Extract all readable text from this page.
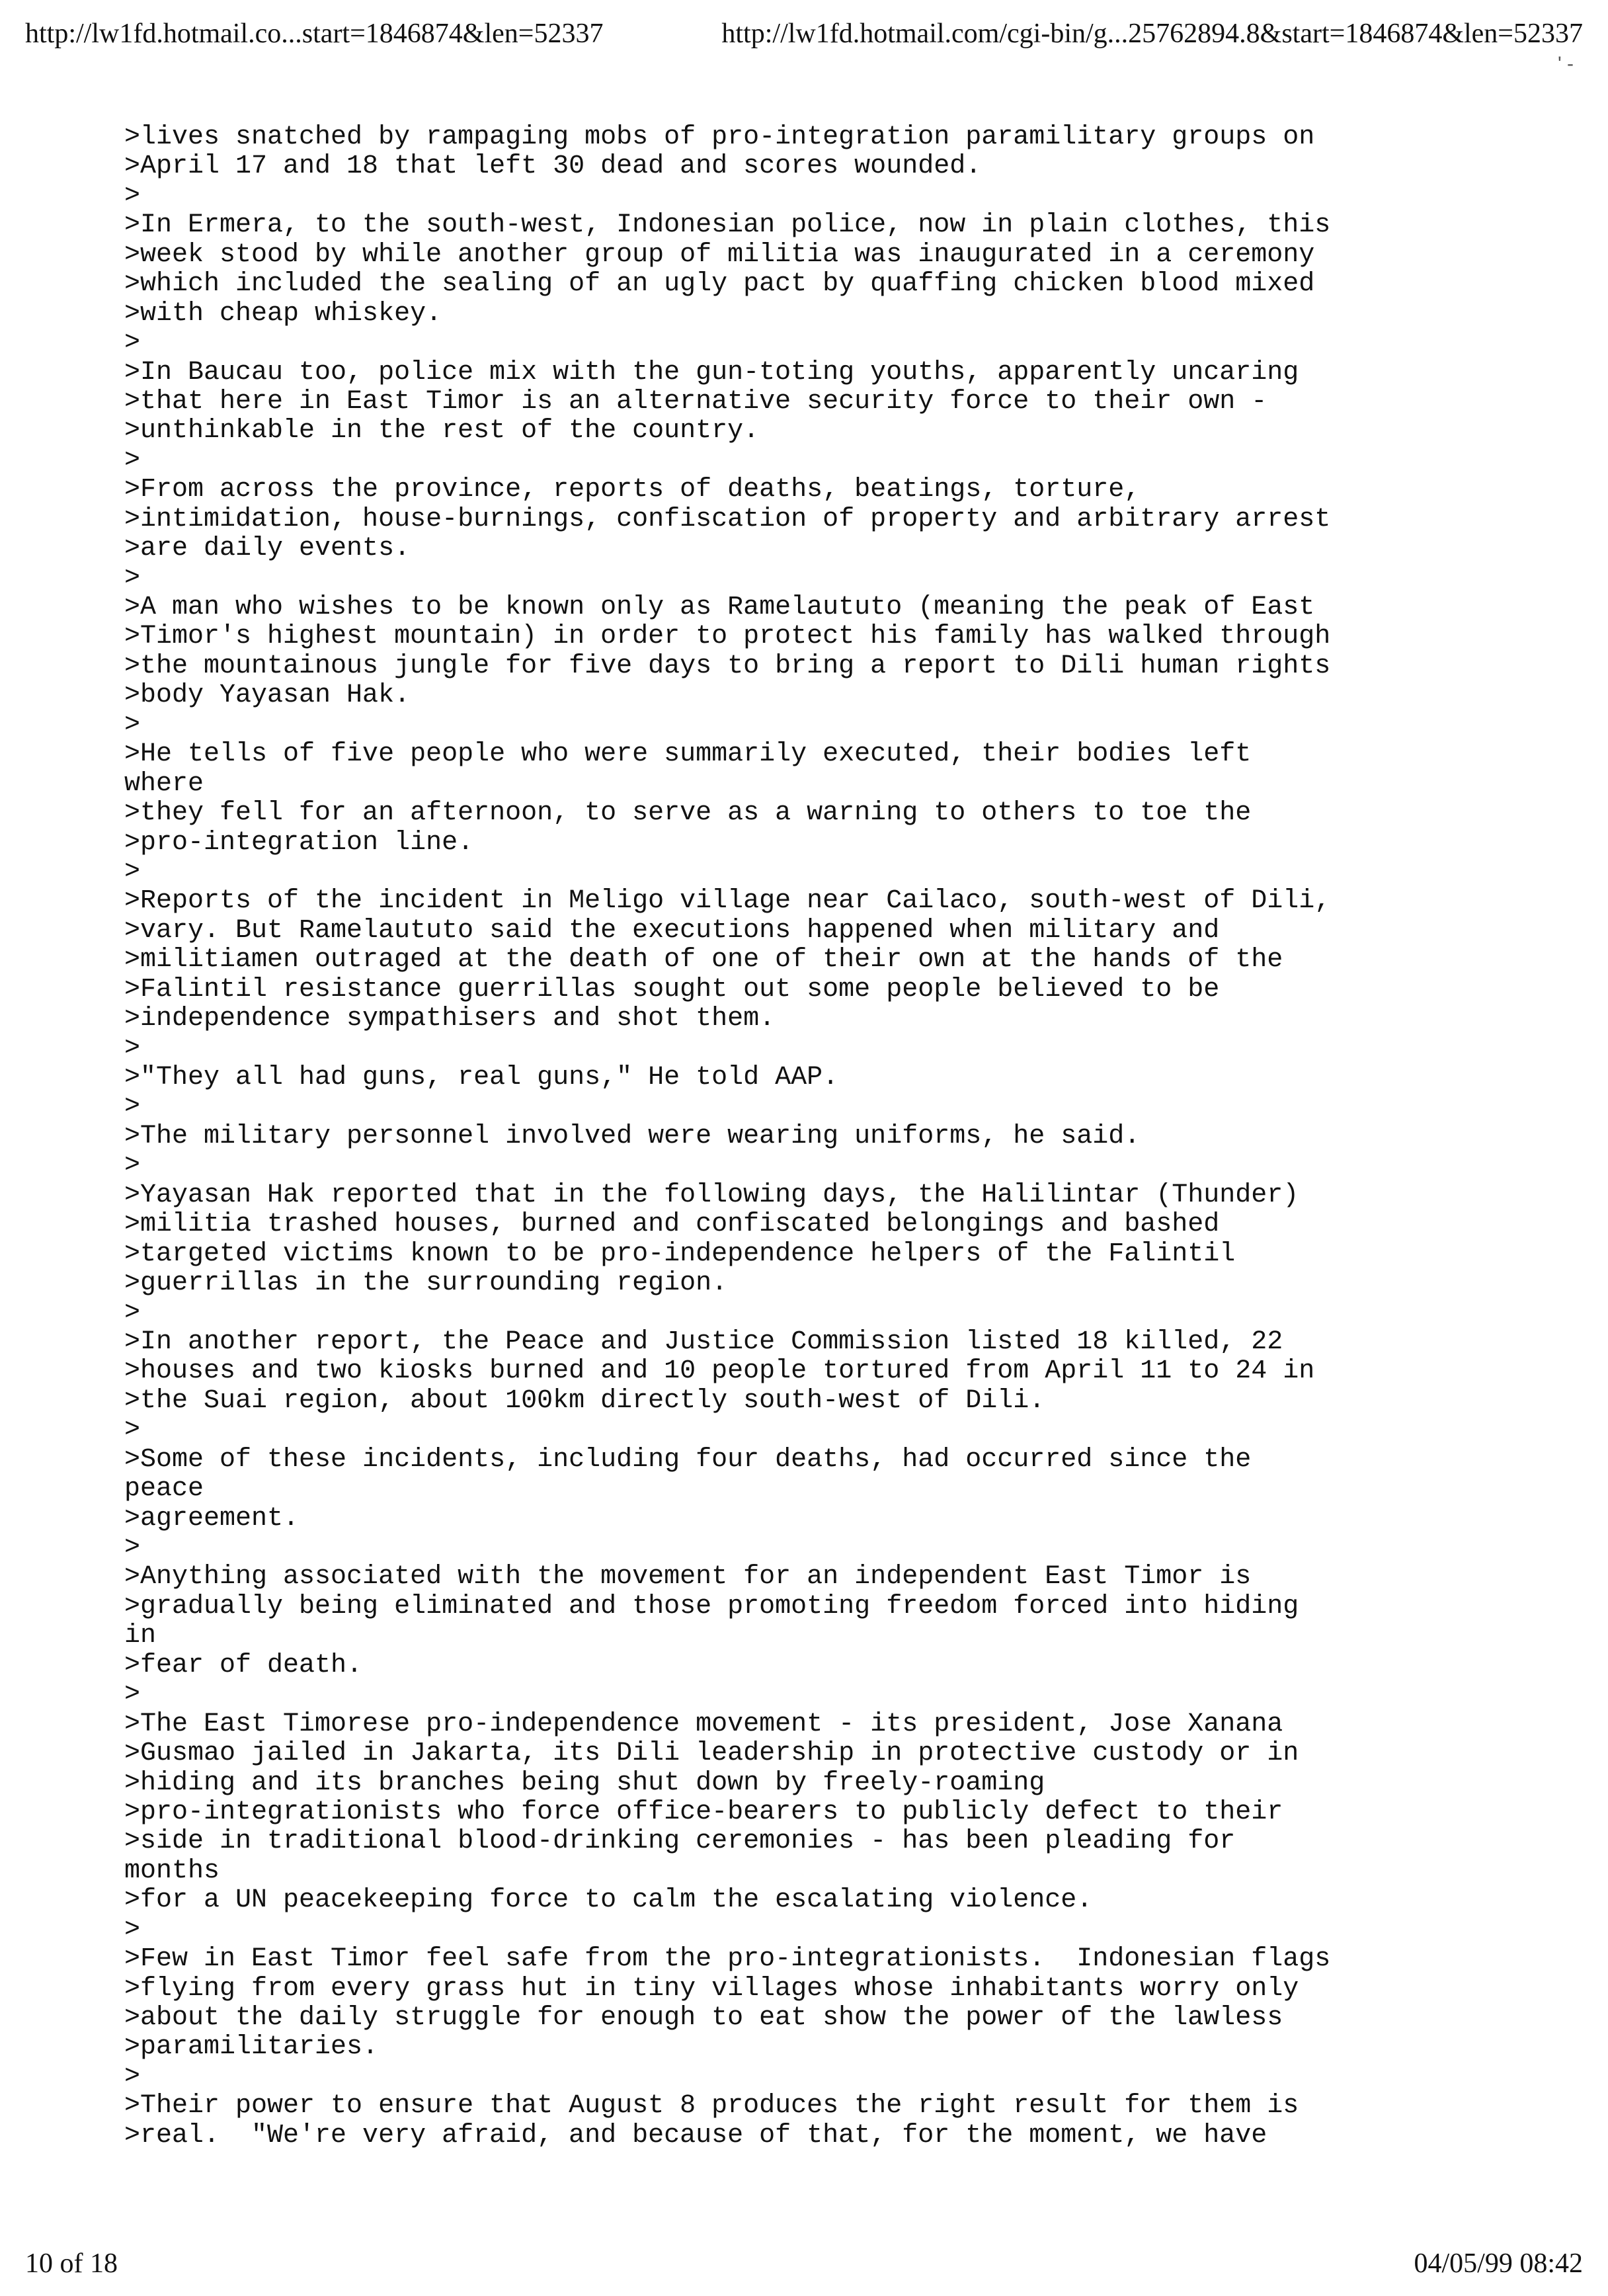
http://lw1fd.hotmail.co...start=1846874&len=52337	http://lw1fd.hotmail.com/cgi-bin/g...25762894.8&start=1846874&len=52337
' -
>lives snatched by rampaging mobs of pro-integration paramilitary groups on
>April 17 and 18 that left 30 dead and scores wounded.
>
>In Ermera, to the south-west, Indonesian police, now in plain clothes, this
>week stood by while another group of militia was inaugurated in a ceremony
>which included the sealing of an ugly pact by quaffing chicken blood mixed
>with cheap whiskey.
>
>In Baucau too, police mix with the gun-toting youths, apparently uncaring
>that here in East Timor is an alternative security force to their own -
>unthinkable in the rest of the country.
>
>From across the province, reports of deaths, beatings, torture,
>intimidation, house-burnings, confiscation of property and arbitrary arrest
>are daily events.
>
>A man who wishes to be known only as Ramelaututo (meaning the peak of East
>Timor's highest mountain) in order to protect his family has walked through
>the mountainous jungle for five days to bring a report to Dili human rights
>body Yayasan Hak.
>
>He tells of five people who were summarily executed, their bodies left
where
>they fell for an afternoon, to serve as a warning to others to toe the
>pro-integration line.
>
>Reports of the incident in Meligo village near Cailaco, south-west of Dili,
>vary. But Ramelaututo said the executions happened when military and
>militiamen outraged at the death of one of their own at the hands of the
>Falintil resistance guerrillas sought out some people believed to be
>independence sympathisers and shot them.
>
>"They all had guns, real guns," He told AAP.
>
>The military personnel involved were wearing uniforms, he said.
>
>Yayasan Hak reported that in the following days, the Halilintar (Thunder)
>militia trashed houses, burned and confiscated belongings and bashed
>targeted victims known to be pro-independence helpers of the Falintil
>guerrillas in the surrounding region.
>
>In another report, the Peace and Justice Commission listed 18 killed, 22
>houses and two kiosks burned and 10 people tortured from April 11 to 24 in
>the Suai region, about 100km directly south-west of Dili.
>
>Some of these incidents, including four deaths, had occurred since the
peace
>agreement.
>
>Anything associated with the movement for an independent East Timor is
>gradually being eliminated and those promoting freedom forced into hiding
in
>fear of death.
>
>The East Timorese pro-independence movement - its president, Jose Xanana
>Gusmao jailed in Jakarta, its Dili leadership in protective custody or in
>hiding and its branches being shut down by freely-roaming
>pro-integrationists who force office-bearers to publicly defect to their
>side in traditional blood-drinking ceremonies - has been pleading for
months
>for a UN peacekeeping force to calm the escalating violence.
>
>Few in East Timor feel safe from the pro-integrationists.  Indonesian flags
>flying from every grass hut in tiny villages whose inhabitants worry only
>about the daily struggle for enough to eat show the power of the lawless
>paramilitaries.
>
>Their power to ensure that August 8 produces the right result for them is
>real.  "We're very afraid, and because of that, for the moment, we have
10 of 18	04/05/99 08:42
